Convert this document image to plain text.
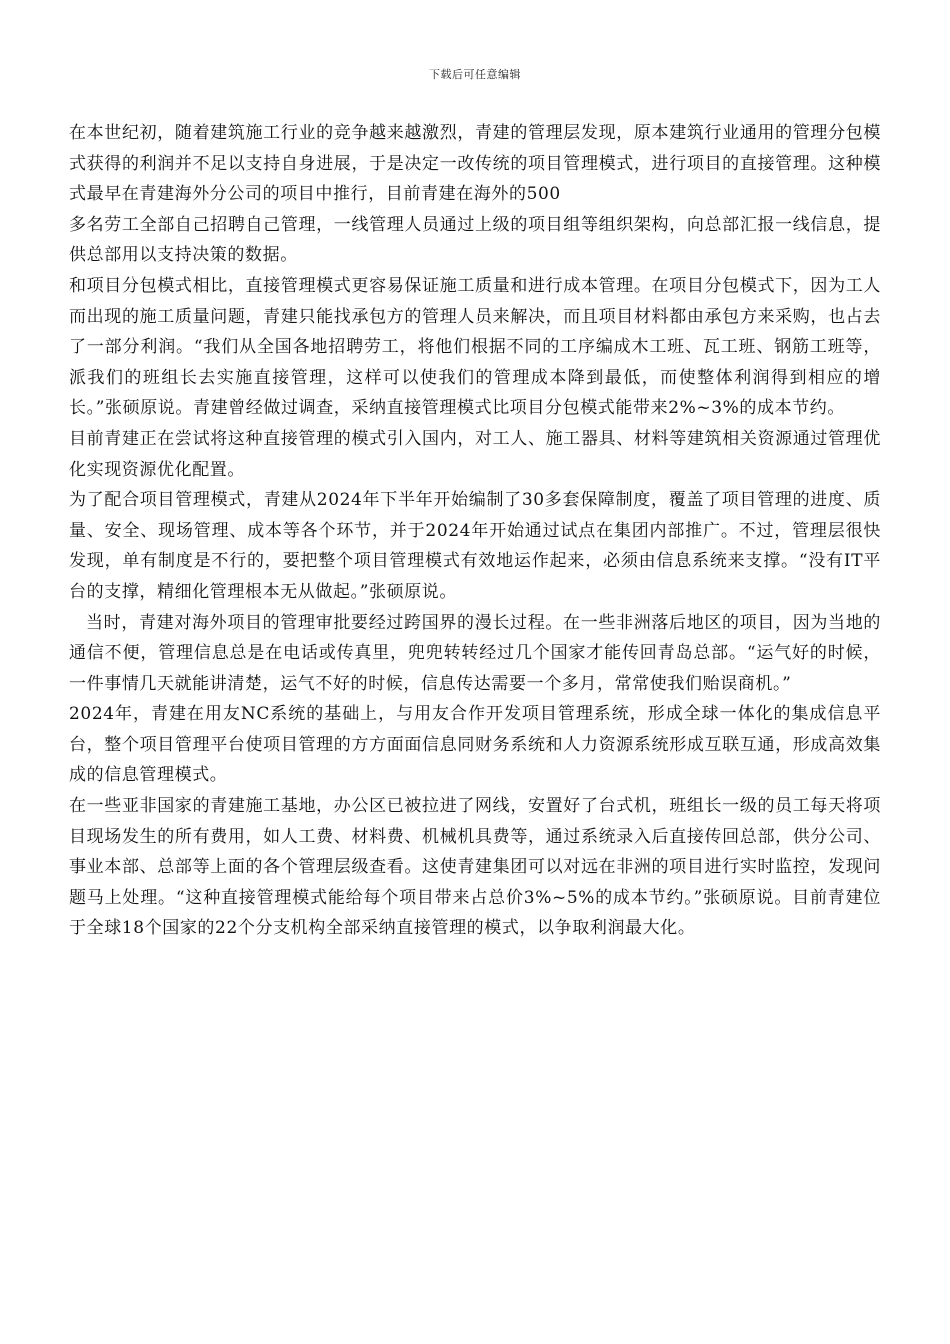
下载后可任意编辑

在本世纪初，随着建筑施工行业的竞争越来越激烈，青建的管理层发现，原本建筑行业通用的管理分包模式获得的利润并不足以支持自身进展，于是决定一改传统的项目管理模式，进行项目的直接管理。这种模式最早在青建海外分公司的项目中推行，目前青建在海外的500

多名劳工全部自己招聘自己管理，一线管理人员通过上级的项目组等组织架构，向总部汇报一线信息，提供总部用以支持决策的数据。

和项目分包模式相比，直接管理模式更容易保证施工质量和进行成本管理。在项目分包模式下，因为工人而出现的施工质量问题，青建只能找承包方的管理人员来解决，而且项目材料都由承包方来采购，也占去了一部分利润。“我们从全国各地招聘劳工，将他们根据不同的工序编成木工班、瓦工班、钢筋工班等，派我们的班组长去实施直接管理，这样可以使我们的管理成本降到最低，而使整体利润得到相应的增长。”张硕原说。青建曾经做过调查，采纳直接管理模式比项目分包模式能带来2%~3%的成本节约。

目前青建正在尝试将这种直接管理的模式引入国内，对工人、施工器具、材料等建筑相关资源通过管理优化实现资源优化配置。

为了配合项目管理模式，青建从2024年下半年开始编制了30多套保障制度，覆盖了项目管理的进度、质量、安全、现场管理、成本等各个环节，并于2024年开始通过试点在集团内部推广。不过，管理层很快发现，单有制度是不行的，要把整个项目管理模式有效地运作起来，必须由信息系统来支撑。“没有IT平台的支撑，精细化管理根本无从做起。”张硕原说。

当时，青建对海外项目的管理审批要经过跨国界的漫长过程。在一些非洲落后地区的项目，因为当地的通信不便，管理信息总是在电话或传真里，兜兜转转经过几个国家才能传回青岛总部。“运气好的时候，一件事情几天就能讲清楚，运气不好的时候，信息传达需要一个多月，常常使我们贻误商机。”

2024年，青建在用友NC系统的基础上，与用友合作开发项目管理系统，形成全球一体化的集成信息平台，整个项目管理平台使项目管理的方方面面信息同财务系统和人力资源系统形成互联互通，形成高效集成的信息管理模式。

在一些亚非国家的青建施工基地，办公区已被拉进了网线，安置好了台式机，班组长一级的员工每天将项目现场发生的所有费用，如人工费、材料费、机械机具费等，通过系统录入后直接传回总部，供分公司、事业本部、总部等上面的各个管理层级查看。这使青建集团可以对远在非洲的项目进行实时监控，发现问题马上处理。“这种直接管理模式能给每个项目带来占总价3%~5%的成本节约。”张硕原说。目前青建位于全球18个国家的22个分支机构全部采纳直接管理的模式，以争取利润最大化。
